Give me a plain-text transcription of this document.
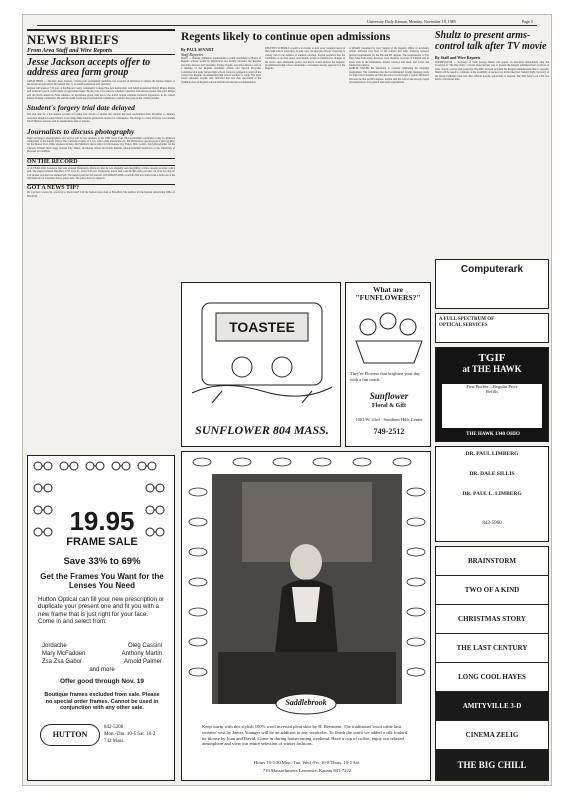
University Daily Kansan, Monday, November 18, 1985	Page 3
NEWS BRIEFS
From Area Staff and Wire Reports
Jesse Jackson accepts offer to address area farm group
GREAT BEND — The Rev. Jesse Jackson, a Democratic presidential candidate, has accepted an invitation to address the Kansas chapter of the American Agriculture Movement Dec. 6, an AAM spokesman said yesterday.
Jackson will speak at 7:30 p.m. at the Barton County Community College Fine Arts Auditorium, said AAM spokesman Darrell Ringer. Ringer said Jackson's speech would center on agriculture issues. He also was to be asked to schedule a question-and-answer session afterward. Ringer said the North American Farm Alliance, an agriculture group with ties to the AAM, helped schedule Jackson's appearance in the central Kansas farming community. He said the AAM would ask all presidential candidates to address the group in the coming months.
Student's forgery trial date delayed
The trial date for a KU student accused of forging four checks of another KU student has been rescheduled from December to January. Associate Douglas County District Court Judge Mike Malone granted the motion for continuance. The charge is a class D felony. Law student Paul Fahrney's attorney said he needed more time to prepare.
Journalists to discuss photography
Eight newspaper photographers and writers will be the speakers at the 1985 Steve Fyke Photojournalism Conference today in Alderson Auditorium of the Kansas Union. The conference begins at 9 a.m. with a slide presentation by Jim Richardson, special projects photographer for the Denver Post. Other speakers include: Jim Sheldon's photo editor for the Kansas City Times; Milo Gollett, chief photographer for the Chanute Tribune; Rich Sugg, Kansas City Times; and Randy Olson and Rollie Pulliam, photojournalism instructors at the University of Missouri at Columbia.
ON THE RECORD
A 12-YEAR-OLD Lawrence man was arrested Wednesday afternoon after he was allegedly seen shoplifting a video-cassette recorder, police said. The suspect entered Wal-Mart, 2727 Iowa St., about 4:30 p.m. Wednesday, police said, took the $95 video recorder out of its box and put it in another box that was marked $10. The suspect paid the $10 and left. A WOMAN'S RING worth $1,800 was stolen from a bathroom at the Old Main lab on Lawrence Street, police said. The police have no suspects.
GOT A NEWS TIP?
Do you have a news tip, sports tip or photo idea? Call the Kansan news desk at 864-4810. The number for the Kansan Advertising Office is 864-4358.
19.95
FRAME SALE
Save 33% to 69%
Get the Frames You Want for the Lenses You Need
Hutton Optical can fill your new prescription or duplicate your present one and fit you with a new frame that is just right for your face. Come in and select from:
Jordache	Oleg Cassini
Mary McFadden	Anthony Martin
Zsa Zsa Gabor	Arnold Palmer
and more
Offer good through Nov. 19
Boutique frames excluded from sale. Please no special order frames. Cannot be used in conjunction with any other sale.
HUTTON
842-5208
Mon.-Thu. 10-5 Sat. 10-2
742 Mass.
Regents likely to continue open admissions
By PAUL SEVART
Staff Reporter
HAYS — Raising admission requirements to limit enrollment in Board of Regents schools would be impractical and fiscally unsound, the Regents executive director said yesterday. Stanley Koplik, executive director, said at a meeting of the Regents Academic Affairs and Special Programs Committee that many Kansas high schools were not equipped to teach all the courses the Regents recommended high school teachers to study. The most recent estimates, Koplik said, indicated that less than one-fourth of the freshman class in Regents schools this fall had met the recommendation.
REGENTS SCHOOLS would be no harder to turn away students based on their high school transcripts, Koplik said, because the schools' financing is closely tied to the number of students enrolled. Koplik predicted that the committee, at its final report next month, would recommend no changes in the state's open admissions policy and that it would endorse the Regents' recommended high school curriculum, a document already approved by the Regents.
A CHART presented by Jerry Sergen of the Regents Office of Academic Affairs indicated that most of the schools had some disparity between general requirements for the BA and BS degrees. The requirements at Fort Hays State University, however, were identical on hours of English and of hours each in the humanities, natural sciences and math, and social and behavioral sciences.
KOPLIK URGED the university to consider reinstating the language requirement. The committee also had recommended foreign language study for high school students and that the school would begin a greater difference between the BA and BS degrees. Koplik said the school had already begun reconsideration of its general education requirements.
TOASTEE
SUNFLOWER 804 MASS.
What are "FUNFLOWERS?"
They're Flowers that brighten your day with a fun touch.
Sunflower
Floral & Gift
1001 W. 23rd · Southern Hills Center
749-2512
Saddlebrook
Keep warm with this stylish 100% wool inverted pleat skirt by H. Bernstein. The traditional 'wool cable knit sweater' vest by James Younger will be an addition to any wardrobe. To finish the outfit we added a silk foulard tie blouse by Joan and David. Come in during homecoming weekend. Have a cup of coffee, enjoy our relaxed atmosphere and view our entire selection of winter fashions.
Hours 10-5:30 Mon.-Tue. Wed.-Fri. 10-8 Thurs. 10-5 Sat.
719 Massachusetts Lawrence, Kansas 841-7222
Shultz to present arms-control talk after TV movie
By Staff and Wire Reports
WASHINGTON — Secretary of State George Shultz will appear on television immediately after the broadcast of 'The Day After,' a movie about nuclear war, to present the Reagan administration's position on arms control, sources said yesterday. The ABC network provided the Reagan administration time to respond. Shultz will be asked to comment on the possibility of nuclear war in the interview. Sunday night, Secretary of the Interior William Clark and other officials had the opportunity to respond. The 'Day After' took a full two hours of broadcast time.
Computerark
A FULL SPECTRUM OF OPTICAL SERVICES
TGIF
at THE HAWK
First Pitcher—Regular Price
Refills
THE HAWK 1340 OHIO
DR. PAUL LIMBERG
DR. DALE SILLIS
DR. PAUL L. LIMBERG
843-5960
BRAINSTORM
TWO OF A KIND
CHRISTMAS STORY
THE LAST CENTURY
LONG COOL HAYES
AMITYVILLE 3-D
CINEMA ZELIG
THE BIG CHILL
